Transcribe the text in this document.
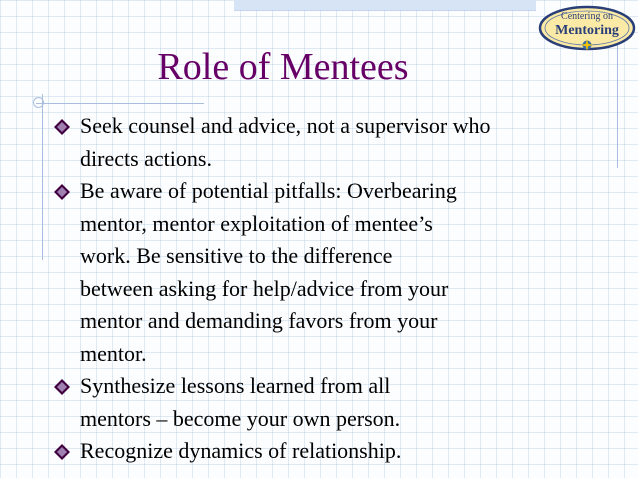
Centering on
Mentoring
Role of Mentees
Seek counsel and advice, not a supervisor who
directs actions.
Be aware of potential pitfalls: Overbearing
mentor, mentor exploitation of mentee’s
work. Be sensitive to the difference
between asking for help/advice from your
mentor and demanding favors from your
mentor.
Synthesize lessons learned from all
mentors – become your own person.
Recognize dynamics of relationship.
